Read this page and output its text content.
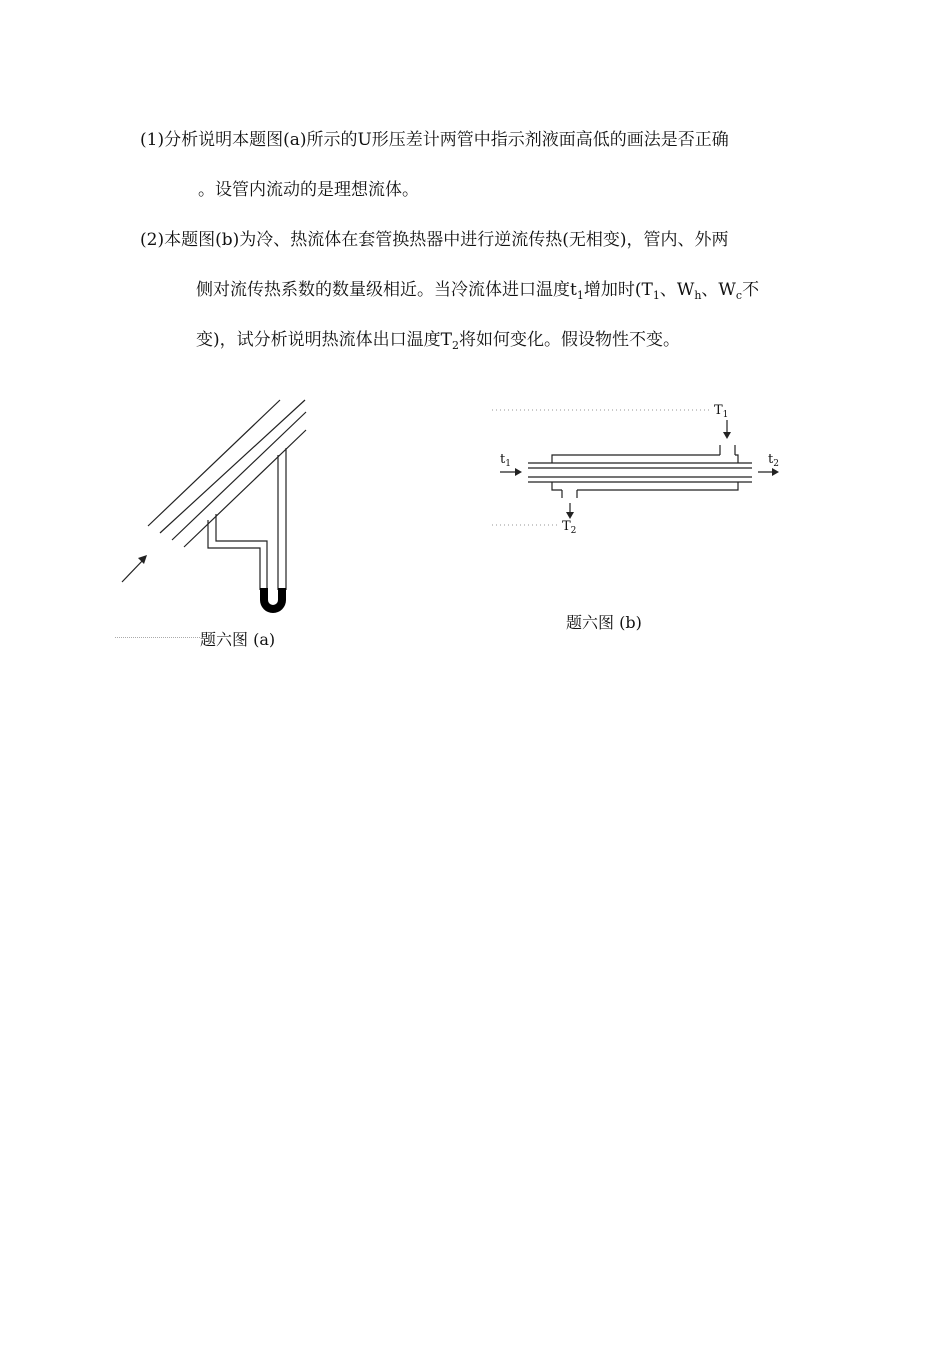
(1)分析说明本题图(a)所示的U形压差计两管中指示剂液面高低的画法是否正确
。设管内流动的是理想流体。
(2)本题图(b)为冷、热流体在套管换热器中进行逆流传热(无相变)，管内、外两
侧对流传热系数的数量级相近。当冷流体进口温度$t_1$增加时($T_1$、$W_h$、$W_c$不
变)，试分析说明热流体出口温度$T_2$将如何变化。假设物性不变。
题六图 (a)
$T_1$
$T_2$
$t_1$	$t_2$
题六图 (b)
